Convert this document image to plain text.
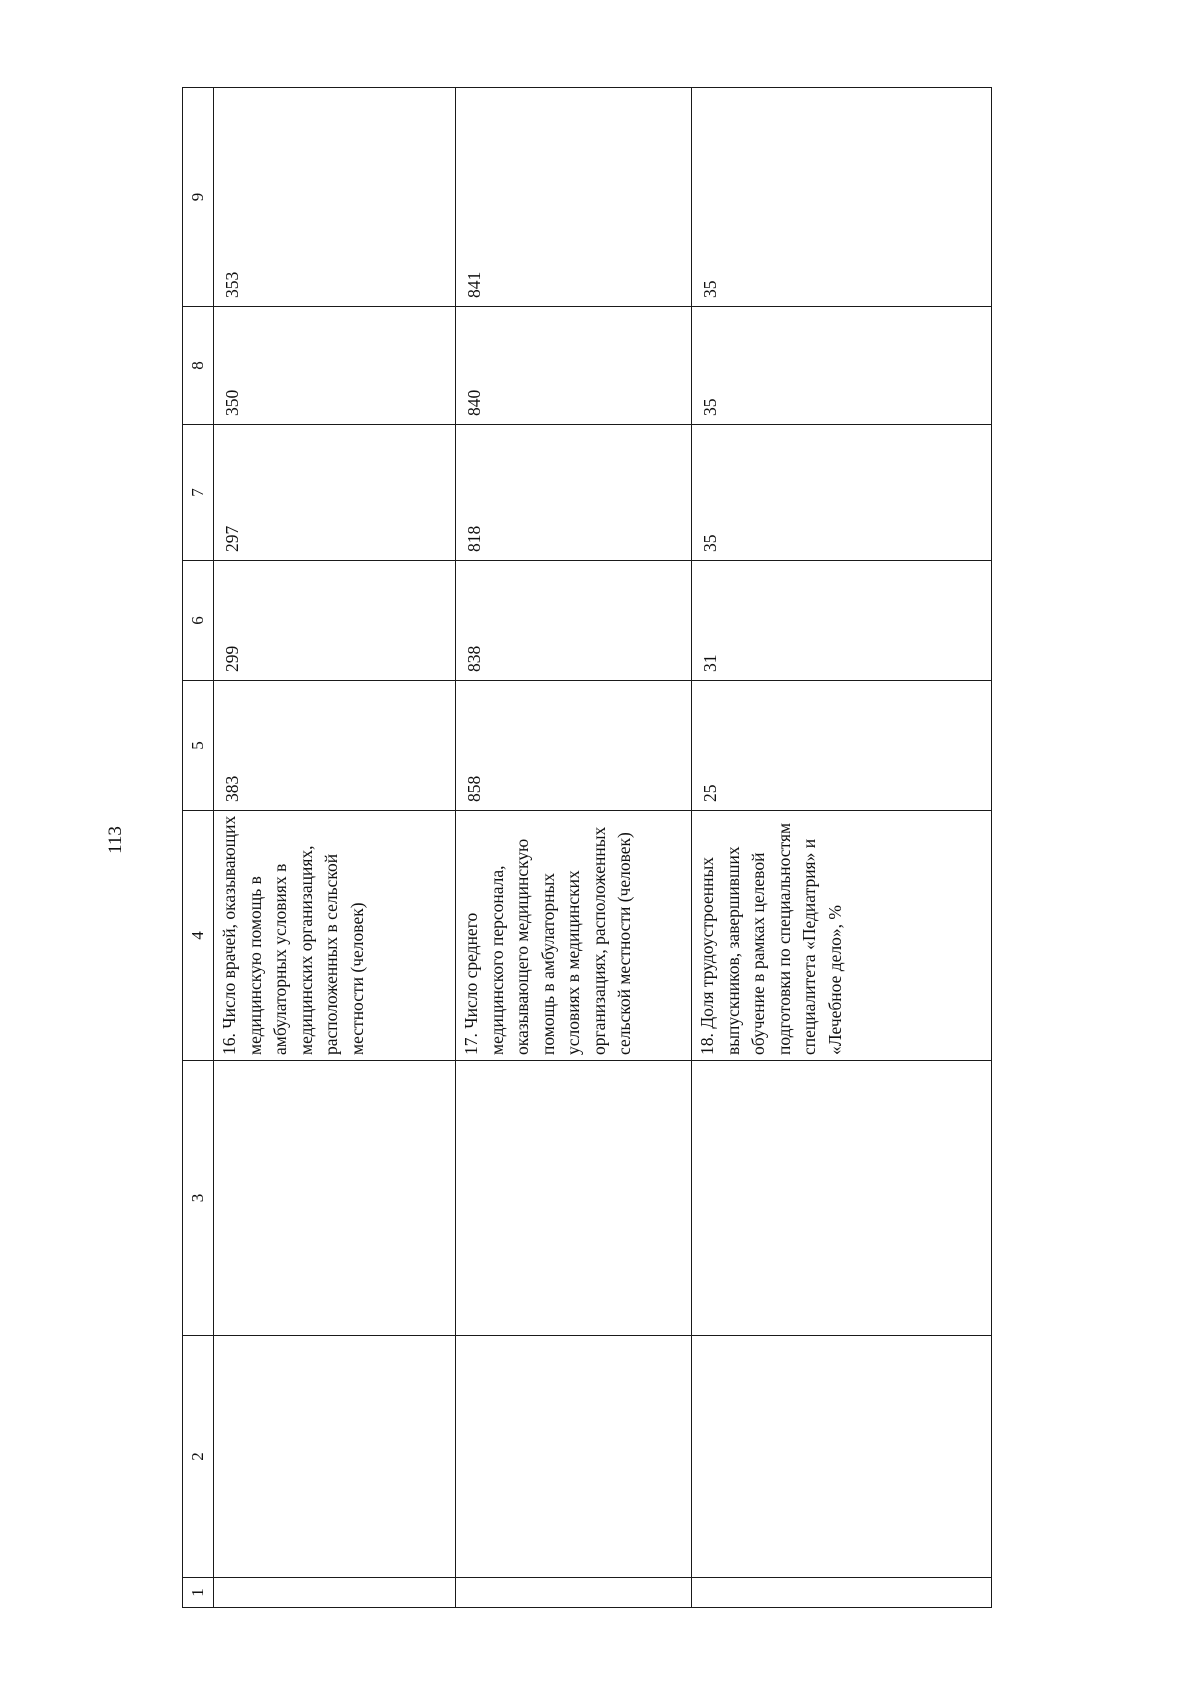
113
1	2	3	4	5	6	7	8	9
			16. Число врачей, оказывающих медицинскую помощь в амбулаторных условиях в медицинских организациях, расположенных в сельской местности (человек)	383	299	297	350	353
			17. Число среднего медицинского персонала, оказывающего медицинскую помощь в амбулаторных условиях в медицинских организациях, расположенных сельской местности (человек)	858	838	818	840	841
			18. Доля трудоустроенных выпускников, завершивших обучение в рамках целевой подготовки по специальностям специалитета «Педиатрия» и «Лечебное дело», %	25	31	35	35	35
